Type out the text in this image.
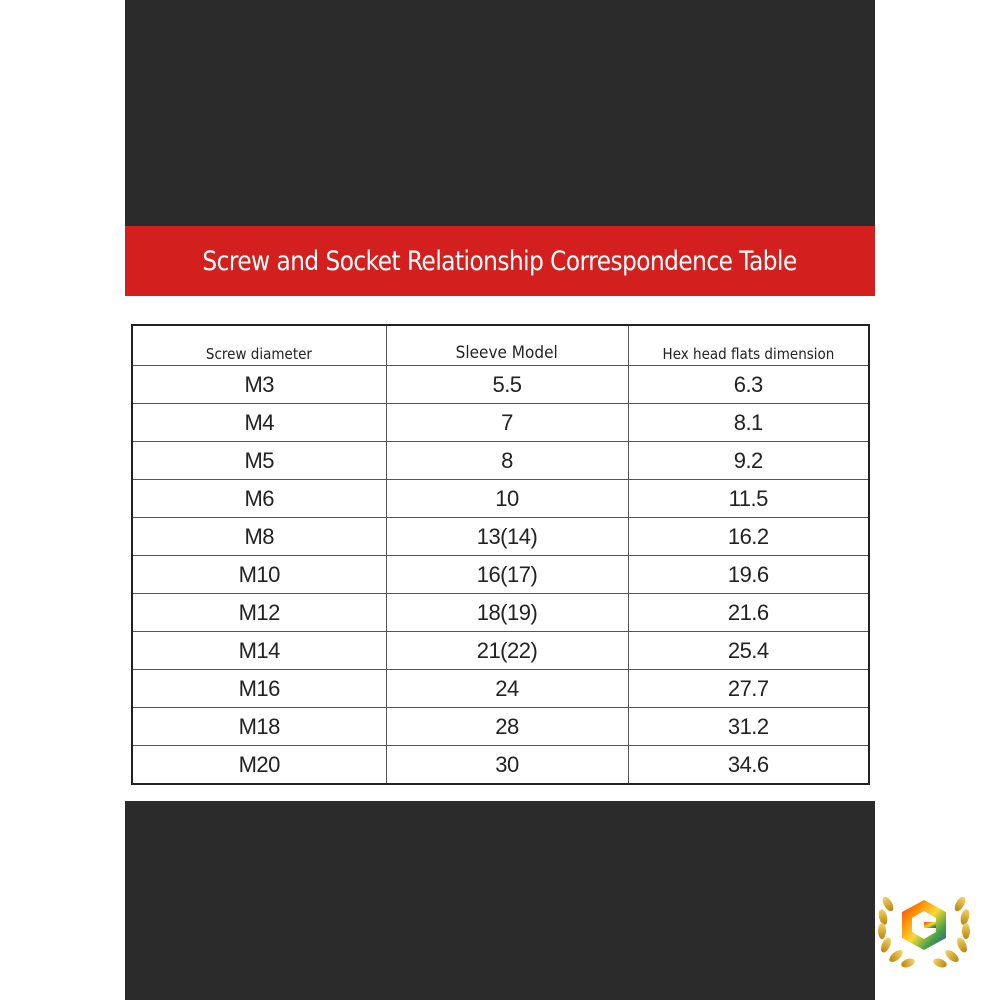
Screw and Socket Relationship Correspondence Table
Screw diameter	Sleeve Model	Hex head flats dimension
M3	5.5	6.3
M4	7	8.1
M5	8	9.2
M6	10	11.5
M8	13(14)	16.2
M10	16(17)	19.6
M12	18(19)	21.6
M14	21(22)	25.4
M16	24	27.7
M18	28	31.2
M20	30	34.6
